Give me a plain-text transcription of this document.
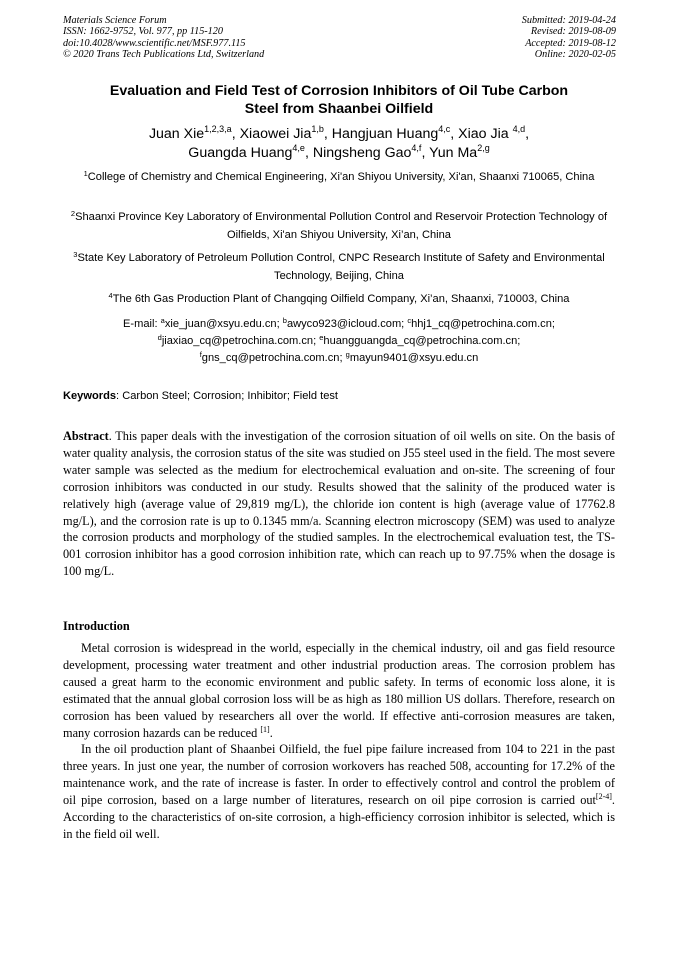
Materials Science Forum
ISSN: 1662-9752, Vol. 977, pp 115-120
doi:10.4028/www.scientific.net/MSF.977.115
© 2020 Trans Tech Publications Ltd, Switzerland
Submitted: 2019-04-24
Revised: 2019-08-09
Accepted: 2019-08-12
Online: 2020-02-05
Evaluation and Field Test of Corrosion Inhibitors of Oil Tube Carbon
Steel from Shaanbei Oilfield
Juan Xie$^{1,2,3,a}$, Xiaowei Jia$^{1,b}$, Hangjuan Huang$^{4,c}$, Xiao Jia $^{4,d}$,
Guangda Huang$^{4,e}$, Ningsheng Gao$^{4,f}$, Yun Ma$^{2,g}$
$^1$College of Chemistry and Chemical Engineering, Xi'an Shiyou University, Xi'an, Shaanxi 710065, China
$^2$Shaanxi Province Key Laboratory of Environmental Pollution Control and Reservoir Protection Technology of Oilfields, Xi'an Shiyou University, Xi’an, China
$^3$State Key Laboratory of Petroleum Pollution Control, CNPC Research Institute of Safety and Environmental Technology, Beijing, China
$^4$The 6th Gas Production Plant of Changqing Oilfield Company, Xi’an, Shaanxi, 710003, China
E-mail: $^a$xie_juan@xsyu.edu.cn; $^b$awyco923@icloud.com; $^c$hhj1_cq@petrochina.com.cn;
$^d$jiaxiao_cq@petrochina.com.cn; $^e$huangguangda_cq@petrochina.com.cn;
$^f$gns_cq@petrochina.com.cn; $^g$mayun9401@xsyu.edu.cn
Keywords: Carbon Steel; Corrosion; Inhibitor; Field test
Abstract. This paper deals with the investigation of the corrosion situation of oil wells on site. On the basis of water quality analysis, the corrosion status of the site was studied on J55 steel used in the field. The most severe water sample was selected as the medium for electrochemical evaluation and on-site. The screening of four corrosion inhibitors was conducted in our study. Results showed that the salinity of the produced water is relatively high (average value of 29,819 mg/L), the chloride ion content is high (average value of 17762.8 mg/L), and the corrosion rate is up to 0.1345 mm/a. Scanning electron microscopy (SEM) was used to analyze the corrosion products and morphology of the studied samples. In the electrochemical evaluation test, the TS-001 corrosion inhibitor has a good corrosion inhibition rate, which can reach up to 97.75% when the dosage is 100 mg/L.
Introduction

Metal corrosion is widespread in the world, especially in the chemical industry, oil and gas field resource development, processing water treatment and other industrial production areas. The corrosion problem has caused a great harm to the economic environment and public safety. In terms of economic loss alone, it is estimated that the annual global corrosion loss will be as high as 180 million US dollars. Therefore, research on corrosion has been valued by researchers all over the world. If effective anti-corrosion measures are taken, many corrosion hazards can be reduced [1].

In the oil production plant of Shaanbei Oilfield, the fuel pipe failure increased from 104 to 221 in the past three years. In just one year, the number of corrosion workovers has reached 508, accounting for 17.2% of the maintenance work, and the rate of increase is faster. In order to effectively control and control the problem of oil pipe corrosion, based on a large number of literatures, research on oil pipe corrosion is carried out[2-4]. According to the characteristics of on-site corrosion, a high-efficiency corrosion inhibitor is selected, which is in the field oil well.
